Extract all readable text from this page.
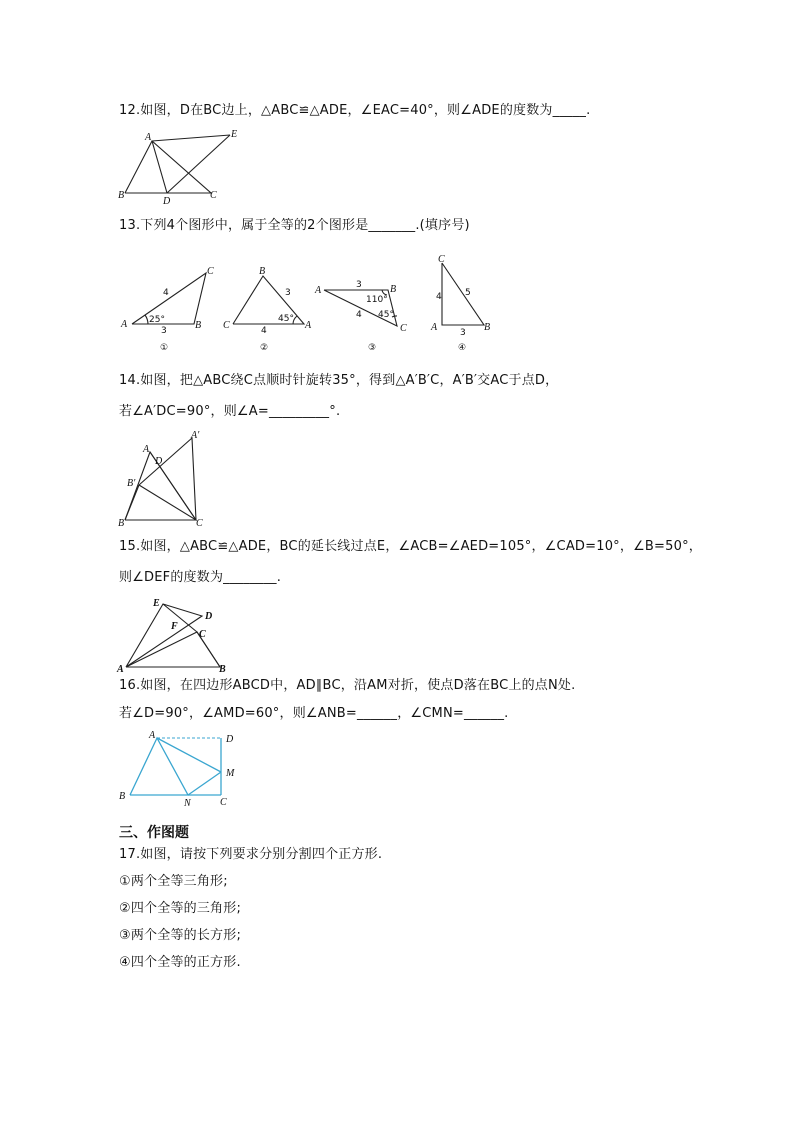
12.如图，D在BC边上，△ABC≌△ADE，∠EAC=40°，则∠ADE的度数为_____.
A	E
B
D
C
13.下列4个图形中，属于全等的2个图形是_______.(填序号)
A
C
B
4
3
25°
①
B
C	A
3
4
45°
②
A	B
C
3
4
110°
45°
③
C
A	B
4	5
3
④
14.如图，把△ABC绕C点顺时针旋转35°，得到△A′B′C，A′B′交AC于点D，
若∠A′DC=90°，则∠A=_________°.
A
A′
D
B′
B	C
15.如图，△ABC≌△ADE，BC的延长线过点E，∠ACB=∠AED=105°，∠CAD=10°，∠B=50°，
则∠DEF的度数为________.
E
D
F
C
A	B
16.如图，在四边形ABCD中，AD∥BC，沿AM对折，使点D落在BC上的点N处.
若∠D=90°，∠AMD=60°，则∠ANB=______，∠CMN=______.
A	D
M
B
N	C
三、作图题
17.如图，请按下列要求分别分割四个正方形.
①两个全等三角形;
②四个全等的三角形;
③两个全等的长方形;
④四个全等的正方形.
